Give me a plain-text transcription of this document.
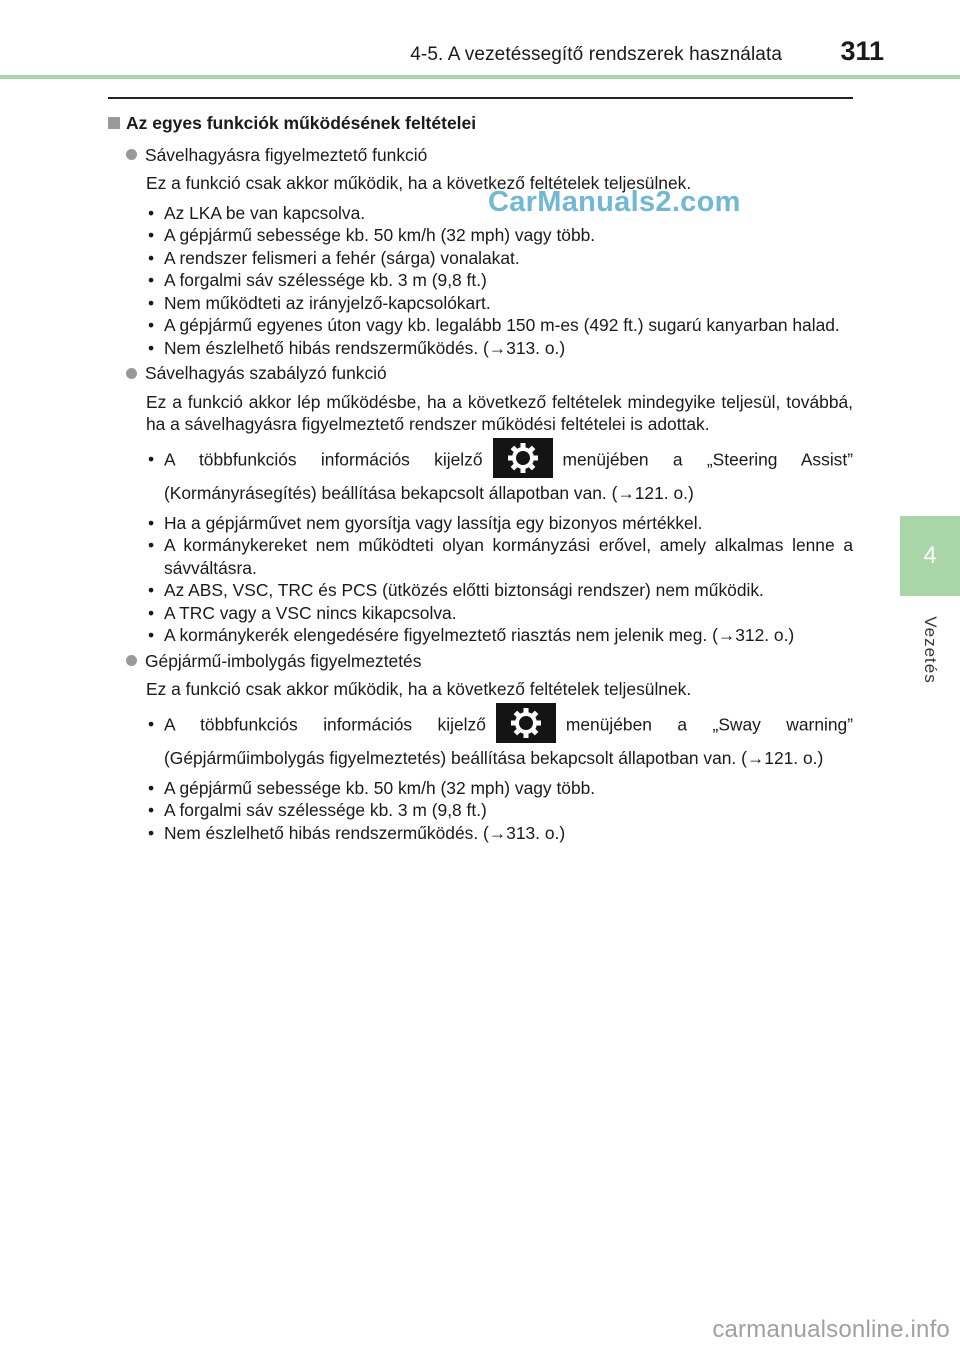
4-5. A vezetéssegítő rendszerek használata 311
4
Vezetés
CarManuals2.com
carmanualsonline.info
Az egyes funkciók működésének feltételei
Sávelhagyásra figyelmeztető funkció
Ez a funkció csak akkor működik, ha a következő feltételek teljesülnek.
• Az LKA be van kapcsolva.
• A gépjármű sebessége kb. 50 km/h (32 mph) vagy több.
• A rendszer felismeri a fehér (sárga) vonalakat.
• A forgalmi sáv szélessége kb. 3 m (9,8 ft.)
• Nem működteti az irányjelző-kapcsolókart.
• A gépjármű egyenes úton vagy kb. legalább 150 m-es (492 ft.) sugarú kanyarban halad.
• Nem észlelhető hibás rendszerműködés. (→313. o.)
Sávelhagyás szabályzó funkció
Ez a funkció akkor lép működésbe, ha a következő feltételek mindegyike teljesül, továbbá, ha a sávelhagyásra figyelmeztető rendszer működési feltételei is adottak.
• A többfunkciós információs kijelző	menüjében a „Steering Assist” (Kormányrásegítés) beállítása bekapcsolt állapotban van. (→121. o.)
• Ha a gépjárművet nem gyorsítja vagy lassítja egy bizonyos mértékkel.
• A kormánykereket nem működteti olyan kormányzási erővel, amely alkalmas lenne a sávváltásra.
• Az ABS, VSC, TRC és PCS (ütközés előtti biztonsági rendszer) nem működik.
• A TRC vagy a VSC nincs kikapcsolva.
• A kormánykerék elengedésére figyelmeztető riasztás nem jelenik meg. (→312. o.)
Gépjármű-imbolygás figyelmeztetés
Ez a funkció csak akkor működik, ha a következő feltételek teljesülnek.
• A többfunkciós információs kijelző	menüjében a „Sway warning” (Gépjárműimbolygás figyelmeztetés) beállítása bekapcsolt állapotban van. (→121. o.)
• A gépjármű sebessége kb. 50 km/h (32 mph) vagy több.
• A forgalmi sáv szélessége kb. 3 m (9,8 ft.)
• Nem észlelhető hibás rendszerműködés. (→313. o.)
